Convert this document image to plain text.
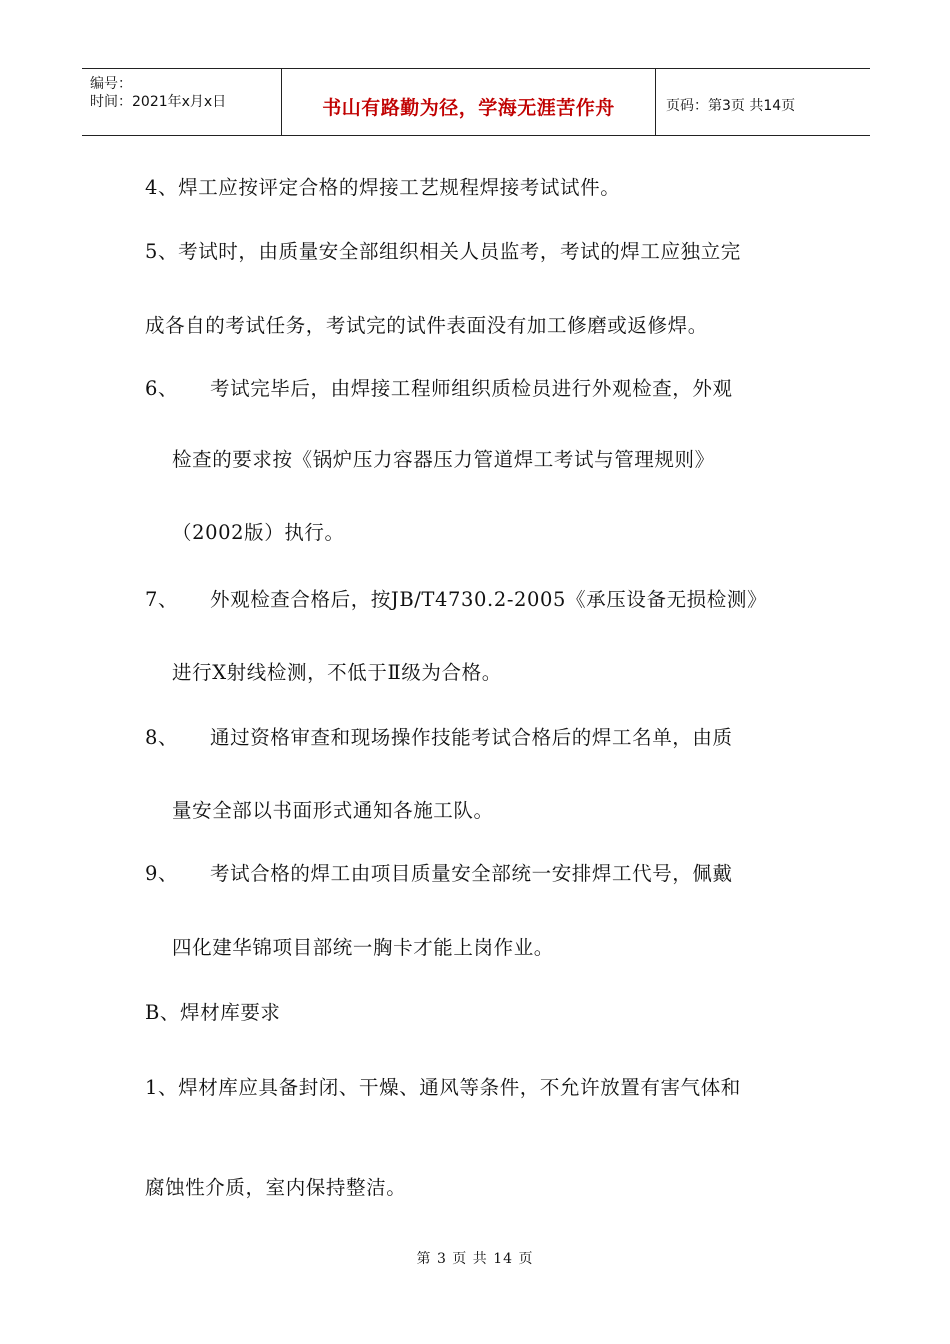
编号：
时间：2021年x月x日	书山有路勤为径，学海无涯苦作舟	页码：第3页 共14页
4、焊工应按评定合格的焊接工艺规程焊接考试试件。
5、考试时，由质量安全部组织相关人员监考，考试的焊工应独立完
成各自的考试任务，考试完的试件表面没有加工修磨或返修焊。
6、 考试完毕后，由焊接工程师组织质检员进行外观检查，外观
检查的要求按《锅炉压力容器压力管道焊工考试与管理规则》
（2002版）执行。
7、 外观检查合格后，按JB/T4730.2-2005《承压设备无损检测》
进行X射线检测，不低于Ⅱ级为合格。
8、 通过资格审查和现场操作技能考试合格后的焊工名单，由质
量安全部以书面形式通知各施工队。
9、 考试合格的焊工由项目质量安全部统一安排焊工代号，佩戴
四化建华锦项目部统一胸卡才能上岗作业。
B、焊材库要求
1、焊材库应具备封闭、干燥、通风等条件，不允许放置有害气体和
腐蚀性介质，室内保持整洁。
第 3 页 共 14 页
